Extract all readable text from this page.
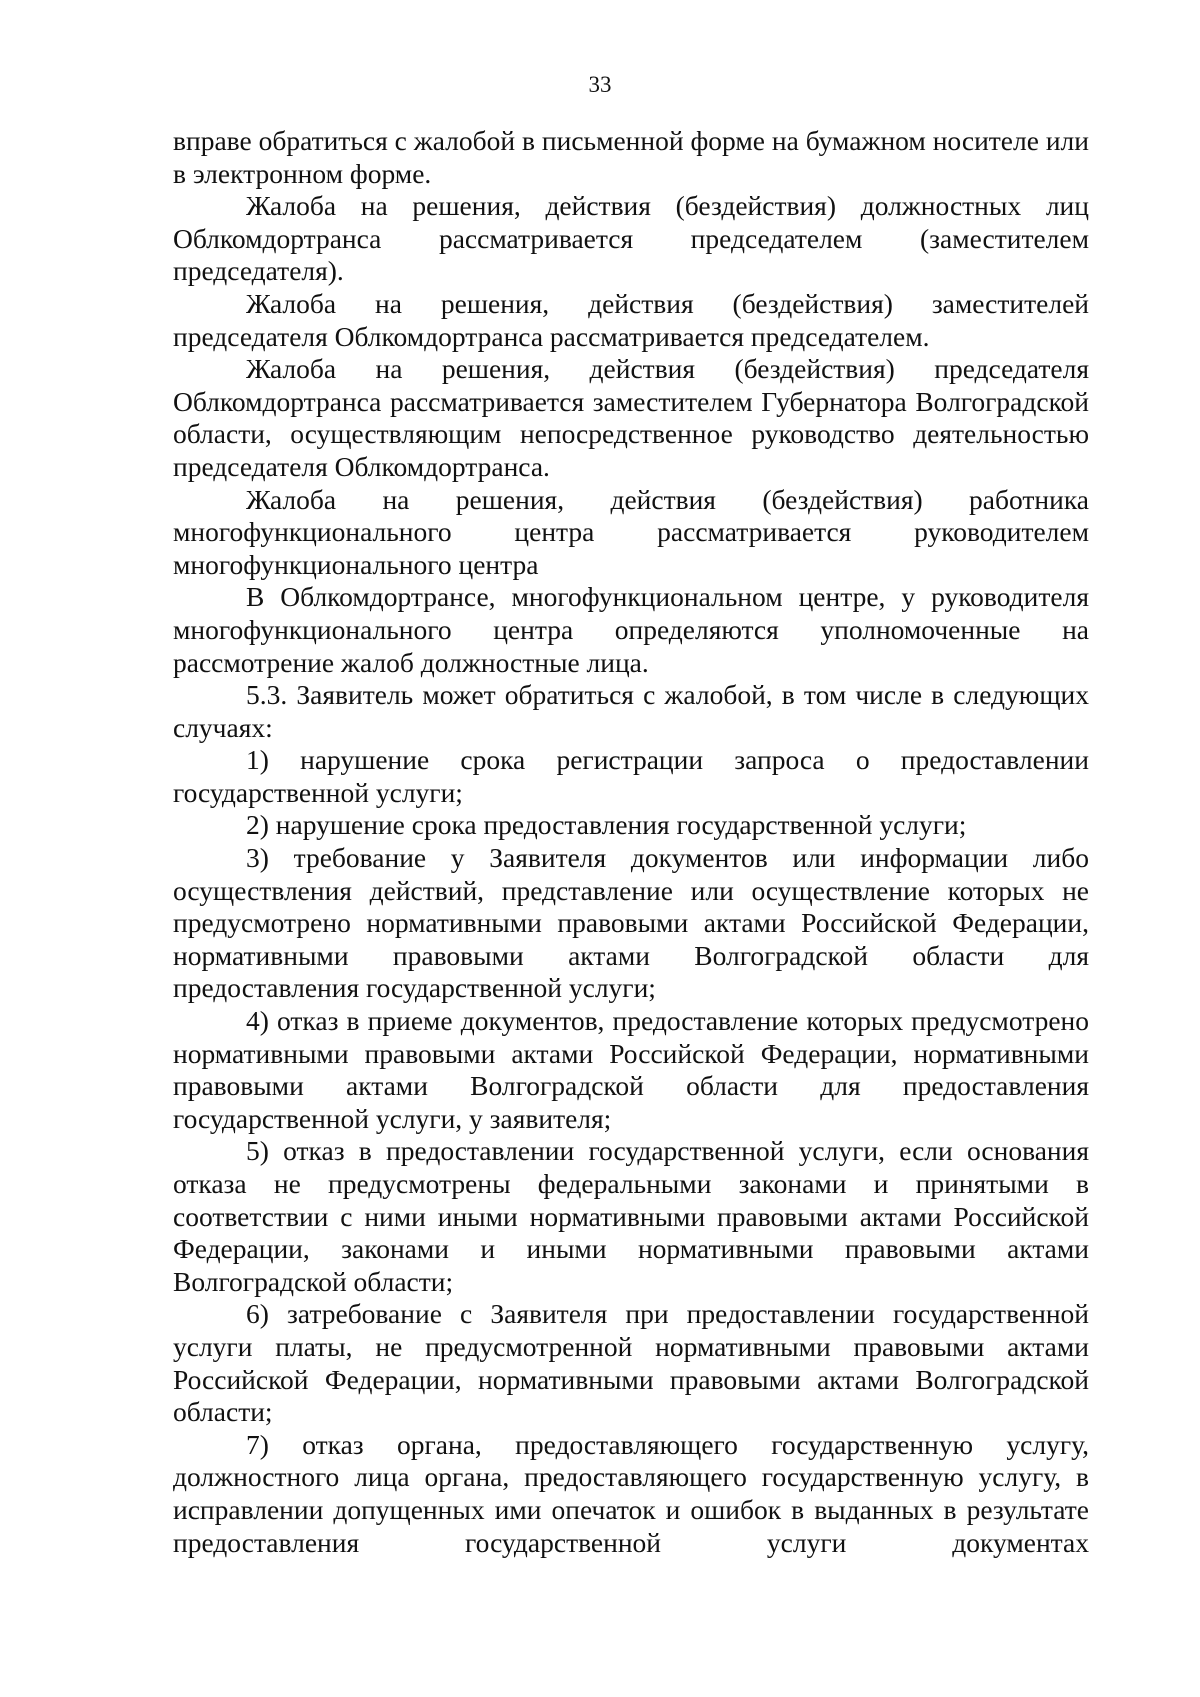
33

вправе обратиться с жалобой в письменной форме на бумажном носителе или в электронном форме.

Жалоба на решения, действия (бездействия) должностных лиц Облкомдортранса рассматривается председателем (заместителем председателя).

Жалоба на решения, действия (бездействия) заместителей председателя Облкомдортранса рассматривается председателем.

Жалоба на решения, действия (бездействия) председателя Облкомдортранса рассматривается заместителем Губернатора Волгоградской области, осуществляющим непосредственное руководство деятельностью председателя Облкомдортранса.

Жалоба на решения, действия (бездействия) работника многофункционального центра рассматривается руководителем многофункционального центра

В Облкомдортрансе, многофункциональном центре, у руководителя многофункционального центра определяются уполномоченные на рассмотрение жалоб должностные лица.

5.3. Заявитель может обратиться с жалобой, в том числе в следующих случаях:

1) нарушение срока регистрации запроса о предоставлении государственной услуги;

2) нарушение срока предоставления государственной услуги;

3) требование у Заявителя документов или информации либо осуществления действий, представление или осуществление которых не предусмотрено нормативными правовыми актами Российской Федерации, нормативными правовыми актами Волгоградской области для предоставления государственной услуги;

4) отказ в приеме документов, предоставление которых предусмотрено нормативными правовыми актами Российской Федерации, нормативными правовыми актами Волгоградской области для предоставления государственной услуги, у заявителя;

5) отказ в предоставлении государственной услуги, если основания отказа не предусмотрены федеральными законами и принятыми в соответствии с ними иными нормативными правовыми актами Российской Федерации, законами и иными нормативными правовыми актами Волгоградской области;

6) затребование с Заявителя при предоставлении государственной услуги платы, не предусмотренной нормативными правовыми актами Российской Федерации, нормативными правовыми актами Волгоградской области;

7) отказ органа, предоставляющего государственную услугу, должностного лица органа, предоставляющего государственную услугу, в исправлении допущенных ими опечаток и ошибок в выданных в результате предоставления государственной услуги документах
